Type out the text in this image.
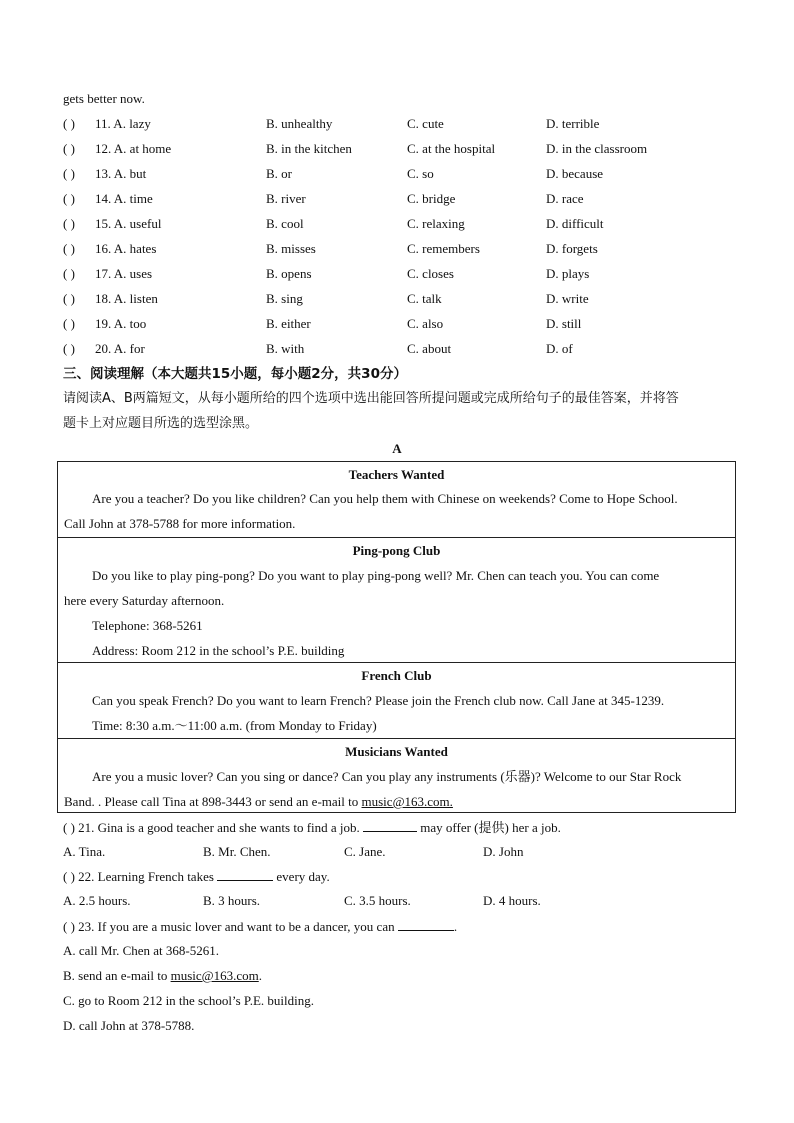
gets better now.
( ) 11. A. lazy	B. unhealthy	C. cute	D. terrible
( ) 12. A. at home	B. in the kitchen	C. at the hospital	D. in the classroom
( ) 13. A. but	B. or	C. so	D. because
( ) 14. A. time	B. river	C. bridge	D. race
( ) 15. A. useful	B. cool	C. relaxing	D. difficult
( ) 16. A. hates	B. misses	C. remembers	D. forgets
( ) 17. A. uses	B. opens	C. closes	D. plays
( ) 18. A. listen	B. sing	C. talk	D. write
( ) 19. A. too	B. either	C. also	D. still
( ) 20. A. for	B. with	C. about	D. of
三、阅读理解（本大题共15小题，每小题2分，共30分）
请阅读A、B两篇短文，从每小题所给的四个选项中选出能回答所提问题或完成所给句子的最佳答案，并将答
题卡上对应题目所选的选型涂黑。
A
Teachers Wanted
Are you a teacher? Do you like children? Can you help them with Chinese on weekends? Come to Hope School.
Call John at 378-5788 for more information.
Ping-pong Club
Do you like to play ping-pong? Do you want to play ping-pong well? Mr. Chen can teach you. You can come
here every Saturday afternoon.
Telephone: 368-5261
Address: Room 212 in the school’s P.E. building
French Club
Can you speak French? Do you want to learn French? Please join the French club now. Call Jane at 345-1239.
Time: 8:30 a.m.～11:00 a.m. (from Monday to Friday)
Musicians Wanted
Are you a music lover? Can you sing or dance? Can you play any instruments (乐器)? Welcome to our Star Rock
Band. . Please call Tina at 898-3443 or send an e-mail to music@163.com.
( ) 21. Gina is a good teacher and she wants to find a job.	may offer (提供) her a job.
A. Tina.	B. Mr. Chen.	C. Jane.	D. John
( ) 22. Learning French takes	every day.
A. 2.5 hours.	B. 3 hours.	C. 3.5 hours.	D. 4 hours.
( ) 23. If you are a music lover and want to be a dancer, you can	.
A. call Mr. Chen at 368-5261.
B. send an e-mail to music@163.com.
C. go to Room 212 in the school’s P.E. building.
D. call John at 378-5788.
